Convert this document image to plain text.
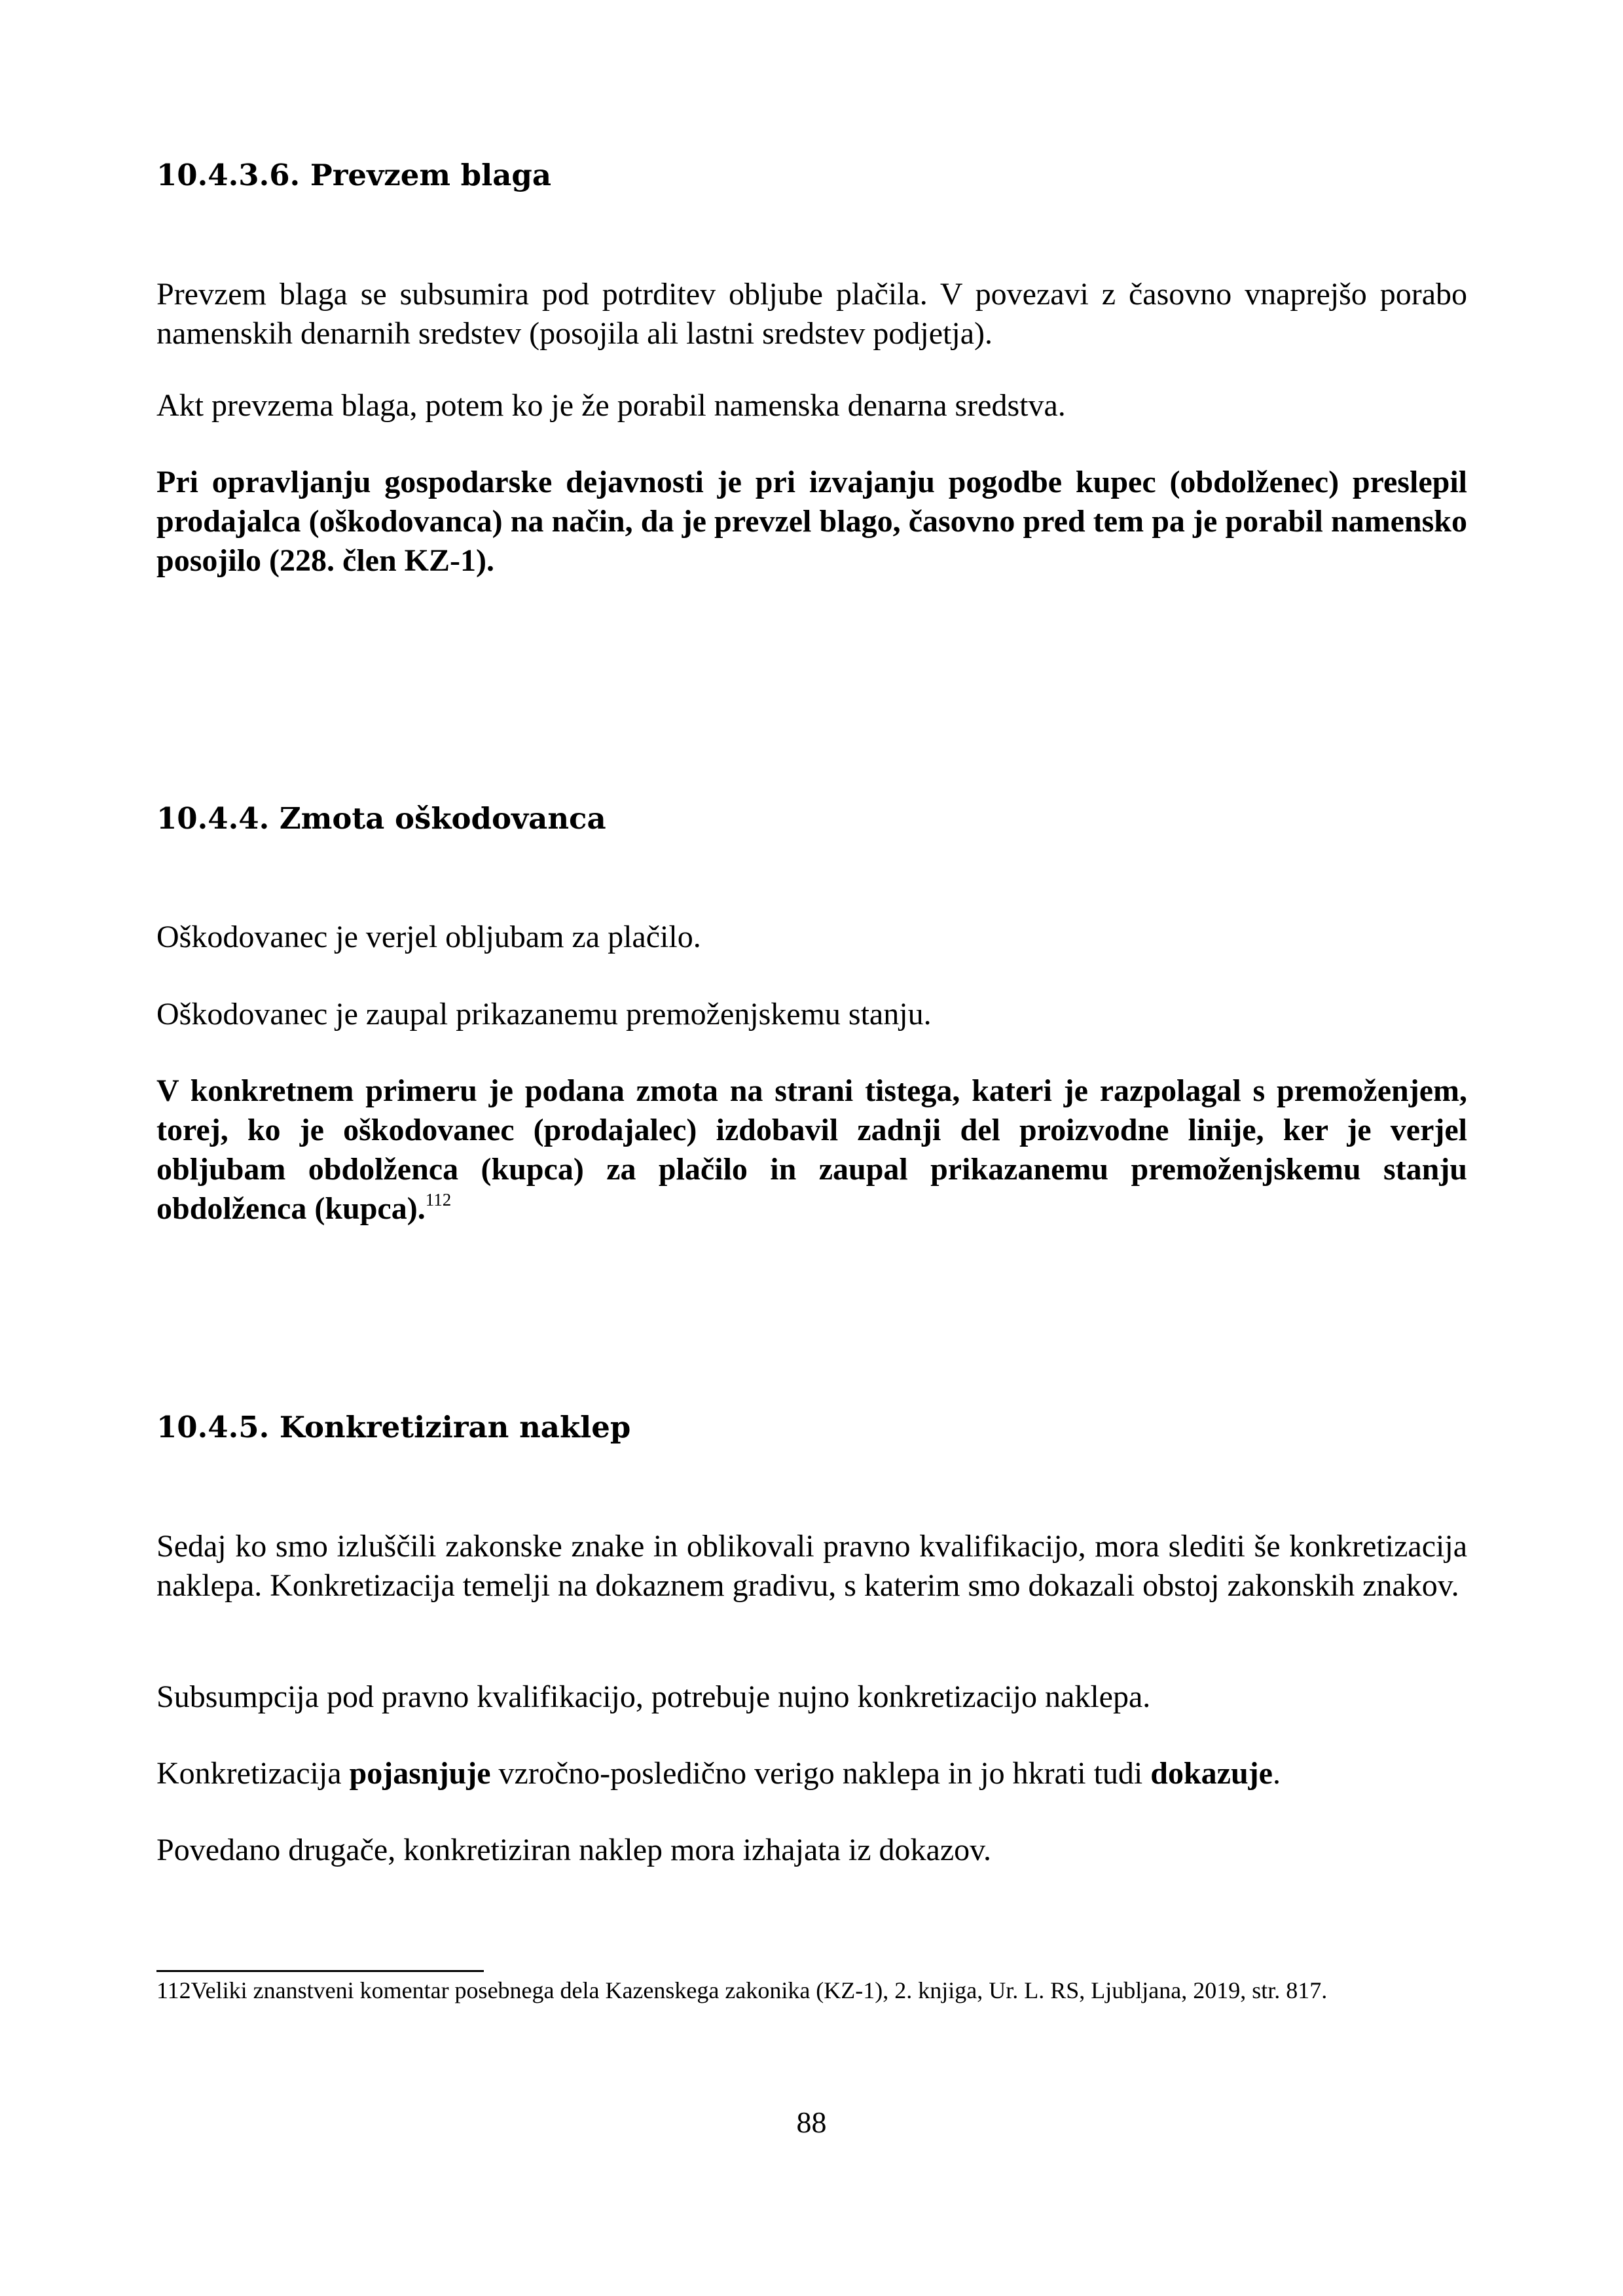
10.4.3.6. Prevzem blaga

Prevzem blaga se subsumira pod potrditev obljube plačila. V povezavi z časovno vnaprejšo porabo namenskih denarnih sredstev (posojila ali lastni sredstev podjetja).

Akt prevzema blaga, potem ko je že porabil namenska denarna sredstva.

Pri opravljanju gospodarske dejavnosti je pri izvajanju pogodbe kupec (obdolženec) preslepil prodajalca (oškodovanca) na način, da je prevzel blago, časovno pred tem pa je porabil namensko posojilo (228. člen KZ-1).

10.4.4. Zmota oškodovanca

Oškodovanec je verjel obljubam za plačilo.

Oškodovanec je zaupal prikazanemu premoženjskemu stanju.

V konkretnem primeru je podana zmota na strani tistega, kateri je razpolagal s premoženjem, torej, ko je oškodovanec (prodajalec) izdobavil zadnji del proizvodne linije, ker je verjel obljubam obdolženca (kupca) za plačilo in zaupal prikazanemu premoženjskemu stanju obdolženca (kupca).$^{112}$

10.4.5. Konkretiziran naklep

Sedaj ko smo izluščili zakonske znake in oblikovali pravno kvalifikacijo, mora slediti še konkretizacija naklepa. Konkretizacija temelji na dokaznem gradivu, s katerim smo dokazali obstoj zakonskih znakov.

Subsumpcija pod pravno kvalifikacijo, potrebuje nujno konkretizacijo naklepa.

Konkretizacija pojasnjuje vzročno-posledično verigo naklepa in jo hkrati tudi dokazuje.

Povedano drugače, konkretiziran naklep mora izhajata iz dokazov.

112Veliki znanstveni komentar posebnega dela Kazenskega zakonika (KZ-1), 2. knjiga, Ur. L. RS, Ljubljana, 2019, str. 817.

88
